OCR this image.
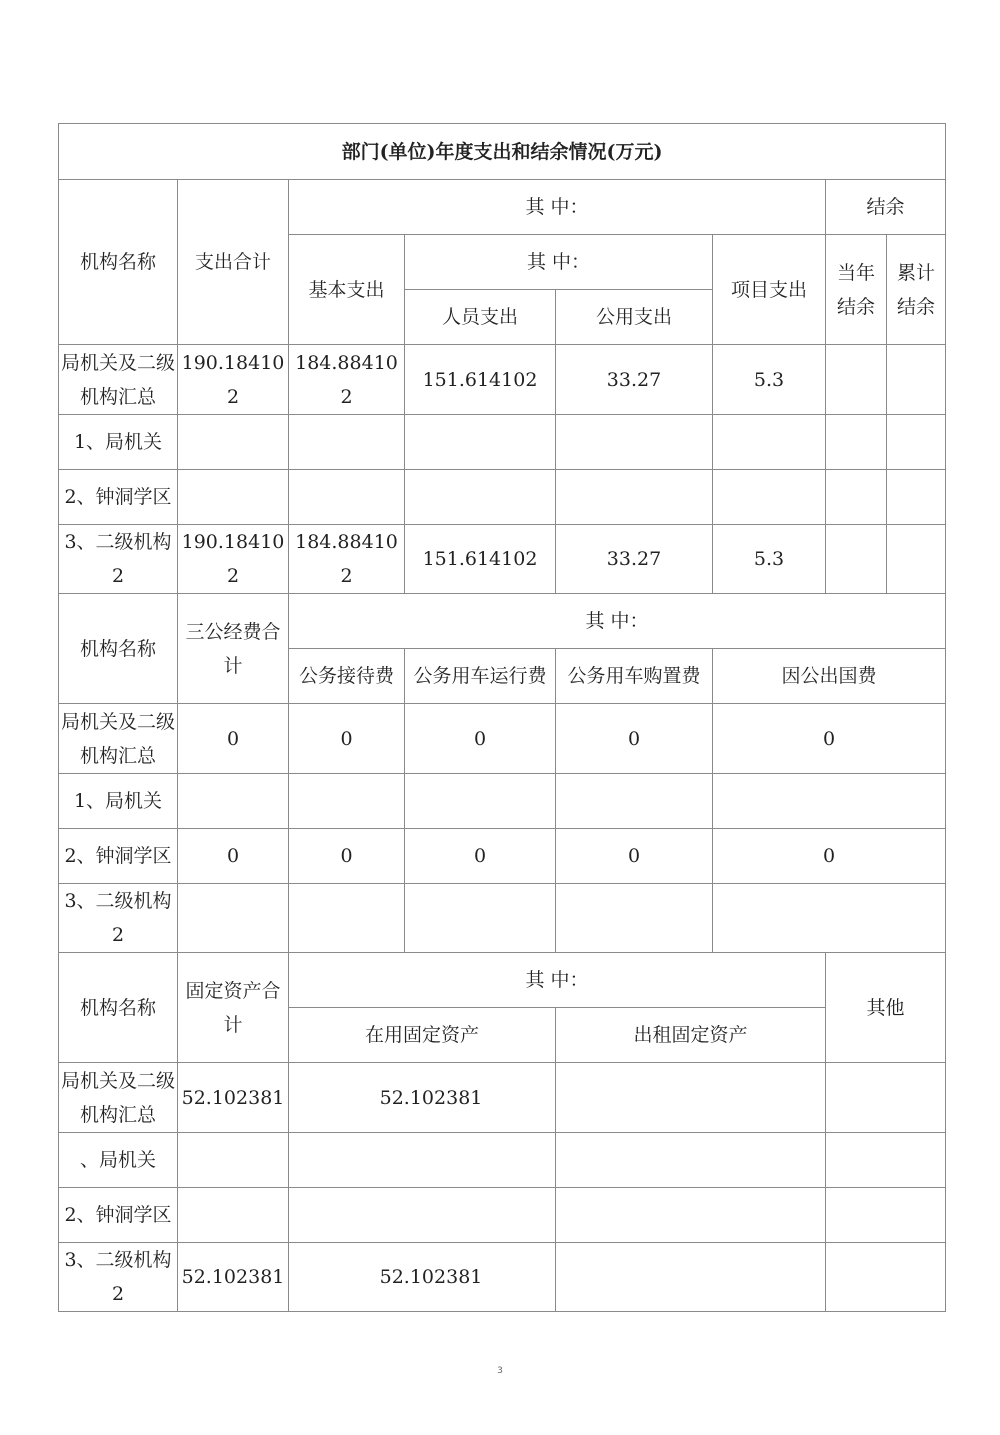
部门(单位)年度支出和结余情况(万元)							
机构名称	支出合计	其 中：				结余	
		基本支出	其 中：		项目支出	当年结余	累计结余
			人员支出	公用支出			
局机关及二级机构汇总	190.184102	184.884102	151.614102	33.27	5.3		
1、局机关							
2、钟洞学区							
3、二级机构2	190.184102	184.884102	151.614102	33.27	5.3		
机构名称	三公经费合计	其 中：					
		公务接待费	公务用车运行费	公务用车购置费	因公出国费		
局机关及二级机构汇总	0	0	0	0	0		
1、局机关							
2、钟洞学区	0	0	0	0	0		
3、二级机构2							
机构名称	固定资产合计	其 中：				其他	
		在用固定资产		出租固定资产			
局机关及二级机构汇总	52.102381	52.102381					
、局机关							
2、钟洞学区							
3、二级机构2	52.102381	52.102381					
3
